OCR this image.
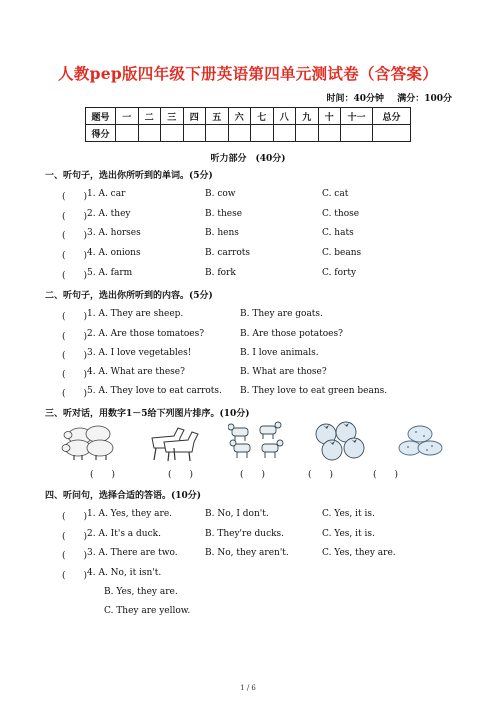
人教pep版四年级下册英语第四单元测试卷（含答案）
时间：40分钟 满分：100分
题号	一	二	三	四	五	六	七	八	九	十	十一	总分
得分												
听力部分　(40分)
一、听句子，选出你所听到的单词。(5分)
(　　) 1. A. car	B. cow	C. cat
(　　) 2. A. they	B. these	C. those
(　　) 3. A. horses	B. hens	C. hats
(　　) 4. A. onions	B. carrots	C. beans
(　　) 5. A. farm	B. fork	C. forty
二、听句子，选出你所听到的内容。(5分)
(　　) 1. A. They are sheep.	B. They are goats.
(　　) 2. A. Are those tomatoes?	B. Are those potatoes?
(　　) 3. A. I love vegetables!	B. I love animals.
(　　) 4. A. What are these?	B. What are those?
(　　) 5. A. They love to eat carrots. B. They love to eat green beans.
三、听对话，用数字1－5给下列图片排序。(10分)
(　　)	(　　)	(　　)	(　　)	(　　)
四、听问句，选择合适的答语。(10分)
(　　) 1. A. Yes, they are.	B. No, I don't.	C. Yes, it is.
(　　) 2. A. It's a duck.	B. They're ducks.	C. Yes, it is.
(　　) 3. A. There are two.	B. No, they aren't.	C. Yes, they are.
(　　) 4. A. No, it isn't.
B. Yes, they are.
C. They are yellow.
1 / 6
